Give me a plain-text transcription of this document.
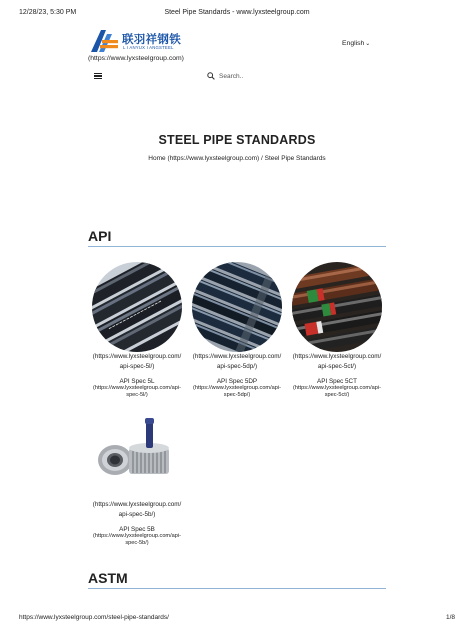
12/28/23, 5:30 PM	Steel Pipe Standards - www.lyxsteelgroup.com
联羽祥钢铁
L I ANYUX I ANGSTEEL
(https://www.lyxsteelgroup.com)
English⌄
Search..
STEEL PIPE STANDARDS
Home (https://www.lyxsteelgroup.com) / Steel Pipe Standards
API
(https://www.lyxsteelgroup.com/
api-spec-5l/)
API Spec 5L
(https://www.lyxsteelgroup.com/api-
spec-5l/)
(https://www.lyxsteelgroup.com/
api-spec-5dp/)
API Spec 5DP
(https://www.lyxsteelgroup.com/api-
spec-5dp/)
(https://www.lyxsteelgroup.com/
api-spec-5ct/)
API Spec 5CT
(https://www.lyxsteelgroup.com/api-
spec-5ct/)
(https://www.lyxsteelgroup.com/
api-spec-5b/)
API Spec 5B
(https://www.lyxsteelgroup.com/api-
spec-5b/)
ASTM
https://www.lyxsteelgroup.com/steel-pipe-standards/	1/8
